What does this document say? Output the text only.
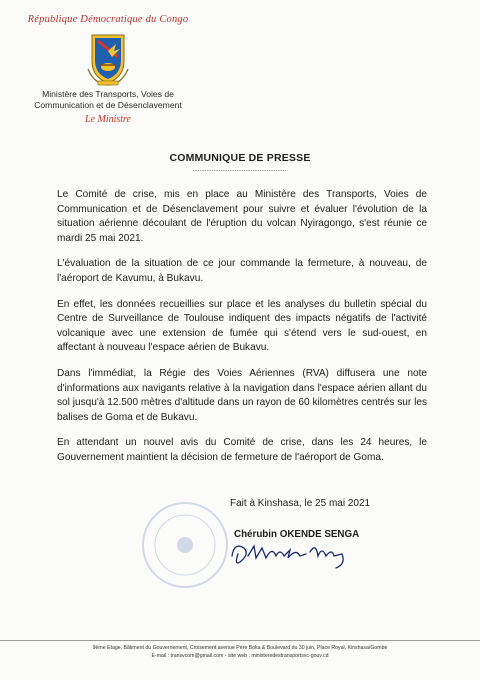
République Démocratique du Congo
Ministère des Transports, Voies de
Communication et de Désenclavement
Le Ministre
COMMUNIQUE DE PRESSE
-----------------------------------------

Le Comité de crise, mis en place au Ministère des Transports, Voies de Communication et de Désenclavement pour suivre et évaluer l'évolution de la situation aérienne découlant de l'éruption du volcan Nyiragongo, s'est réunie ce mardi 25 mai 2021.

L'évaluation de la situation de ce jour commande la fermeture, à nouveau, de l'aéroport de Kavumu, à Bukavu.

En effet, les données recueillies sur place et les analyses du bulletin spécial du Centre de Surveillance de Toulouse indiquent des impacts négatifs de l'activité volcanique avec une extension de fumée qui s'étend vers le sud-ouest, en affectant à nouveau l'espace aérien de Bukavu.

Dans l'immédiat, la Régie des Voies Aériennes (RVA) diffusera une note d'informations aux navigants relative à la navigation dans l'espace aérien allant du sol jusqu'à 12.500 mètres d'altitude dans un rayon de 60 kilomètres centrés sur les balises de Goma et de Bukavu.

En attendant un nouvel avis du Comité de crise, dans les 24 heures, le Gouvernement maintient la décision de fermeture de l'aéroport de Goma.

Fait à Kinshasa, le 25 mai 2021
Chérubin OKENDE SENGA
9ème Etage, Bâtiment du Gouvernement, Croisement avenue Père Boka & Boulevard du 30 juin, Place Royal, Kinshasa/Gombe
E-mail : transvcom@gmail.com - site web : ministeredestransportsvc-gouv.cd
